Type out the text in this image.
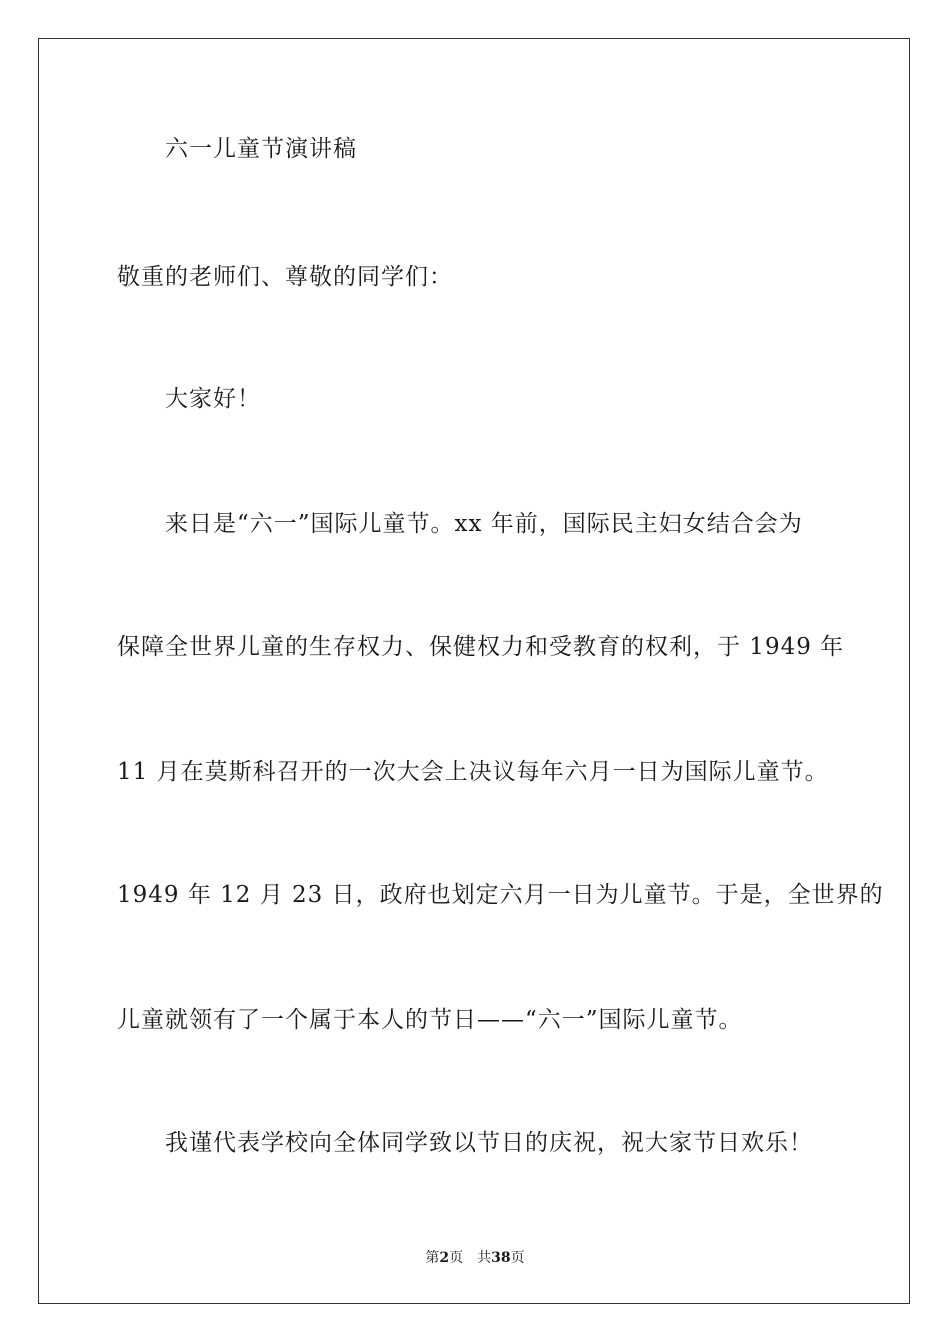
六一儿童节演讲稿
敬重的老师们、尊敬的同学们：
大家好！
来日是“六一”国际儿童节。xx 年前，国际民主妇女结合会为
保障全世界儿童的生存权力、保健权力和受教育的权利，于 1949 年
11 月在莫斯科召开的一次大会上决议每年六月一日为国际儿童节。
1949 年 12 月 23 日，政府也划定六月一日为儿童节。于是，全世界的
儿童就领有了一个属于本人的节日——“六一”国际儿童节。
我谨代表学校向全体同学致以节日的庆祝，祝大家节日欢乐！
第2页　共38页
